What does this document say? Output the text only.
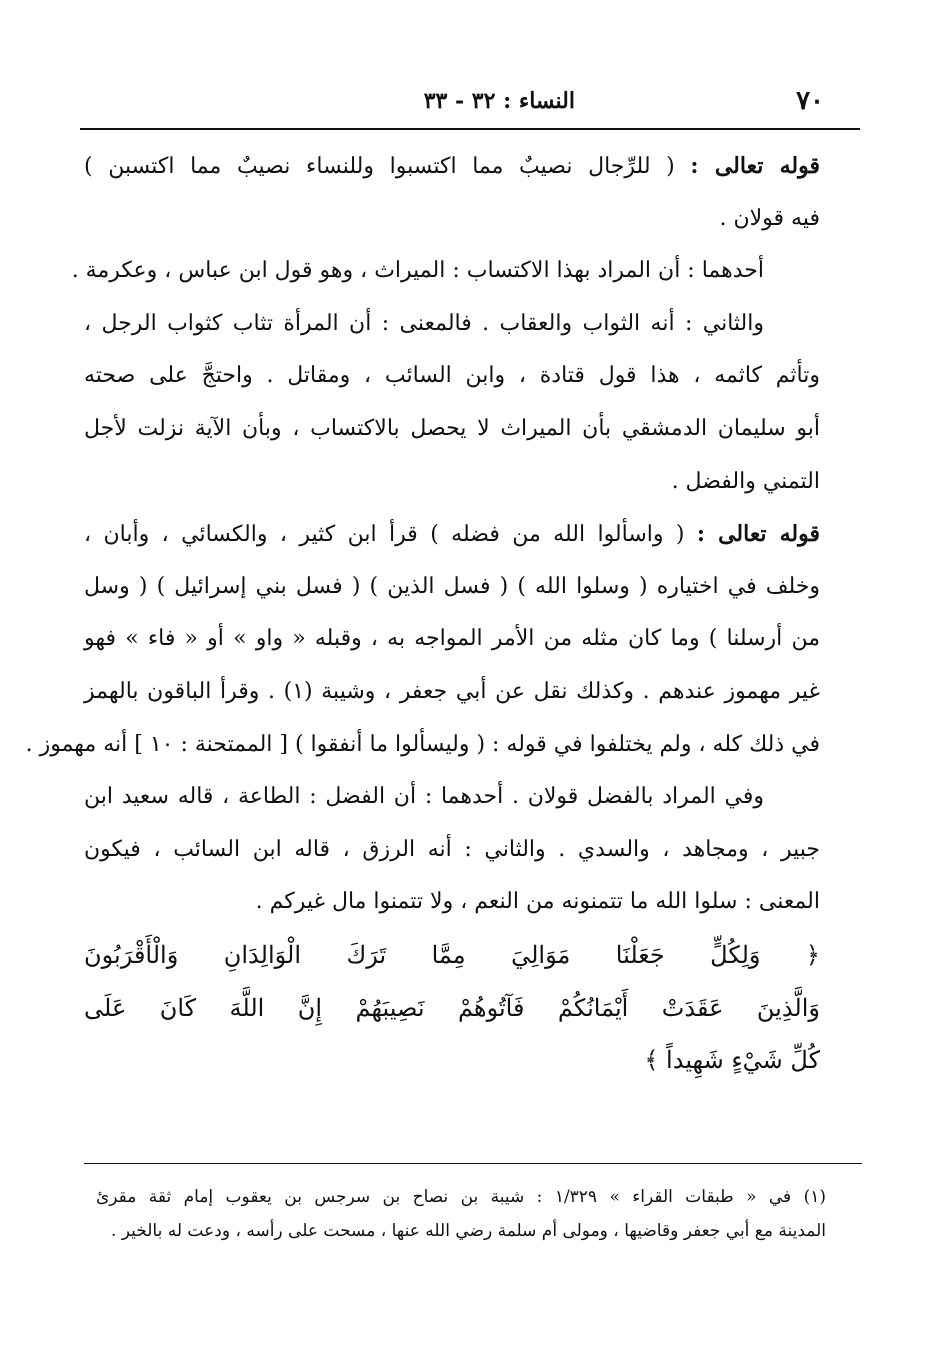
٧٠
النساء : ٣٢ - ٣٣
قوله تعالى : ( للرِّجال نصيبٌ مما اكتسبوا وللنساء نصيبٌ مما اكتسبن )
فيه قولان .
أحدهما : أن المراد بهذا الاكتساب : الميراث ، وهو قول ابن عباس ، وعكرمة .
والثاني : أنه الثواب والعقاب . فالمعنى : أن المرأة تثاب كثواب الرجل ،
وتأثم كاثمه ، هذا قول قتادة ، وابن السائب ، ومقاتل . واحتجَّ على صحته
أبو سليمان الدمشقي بأن الميراث لا يحصل بالاكتساب ، وبأن الآية نزلت لأجل
التمني والفضل .
قوله تعالى : ( واسألوا الله من فضله ) قرأ ابن كثير ، والكسائي ، وأبان ،
وخلف في اختياره ( وسلوا الله ) ( فسل الذين ) ( فسل بني إسرائيل ) ( وسل
من أرسلنا ) وما كان مثله من الأمر المواجه به ، وقبله « واو » أو « فاء » فهو
غير مهموز عندهم . وكذلك نقل عن أبي جعفر ، وشيبة (١) . وقرأ الباقون بالهمز
في ذلك كله ، ولم يختلفوا في قوله : ( وليسألوا ما أنفقوا ) [ الممتحنة : ١٠ ] أنه مهموز .
وفي المراد بالفضل قولان . أحدهما : أن الفضل : الطاعة ، قاله سعيد ابن
جبير ، ومجاهد ، والسدي . والثاني : أنه الرزق ، قاله ابن السائب ، فيكون
المعنى : سلوا الله ما تتمنونه من النعم ، ولا تتمنوا مال غيركم .
﴿ وَلِكُلٍّ جَعَلْنَا مَوَالِيَ مِمَّا تَرَكَ الْوَالِدَانِ وَالْأَقْرَبُونَ
وَالَّذِينَ عَقَدَتْ أَيْمَانُكُمْ فَآتُوهُمْ نَصِيبَهُمْ إِنَّ اللَّهَ كَانَ عَلَى
كُلِّ شَيْءٍ شَهِيداً ﴾
(١) في « طبقات القراء » ١/٣٢٩ : شيبة بن نصاح بن سرجس بن يعقوب إمام ثقة مقرئ
المدينة مع أبي جعفر وقاضيها ، ومولى أم سلمة رضي الله عنها ، مسحت على رأسه ، ودعت له بالخير .
